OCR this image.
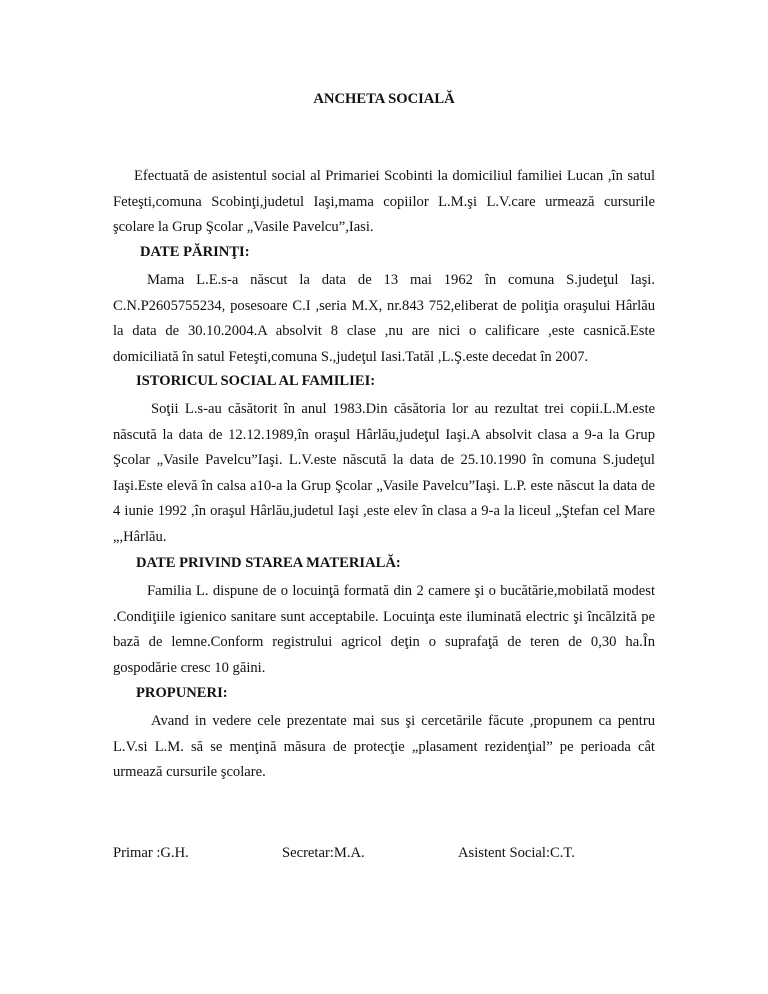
ANCHETA SOCIALĂ
Efectuată de asistentul social al Primariei Scobinti la domiciliul familiei Lucan ,în satul Feteşti,comuna Scobinţi,judetul Iaşi,mama copiilor L.M.şi L.V.care urmează cursurile şcolare la Grup Şcolar „Vasile Pavelcu”,Iasi.
DATE PĂRINŢI:
Mama L.E.s-a născut la data de 13 mai 1962 în comuna S.judeţul Iaşi. C.N.P2605755234, posesoare C.I ,seria M.X, nr.843 752,eliberat de poliţia oraşului Hârlău la data de 30.10.2004.A absolvit 8 clase ,nu are nici o calificare ,este casnică.Este domiciliată în satul Feteşti,comuna S.,judeţul Iasi.Tatăl ,L.Ş.este decedat în 2007.
ISTORICUL SOCIAL AL FAMILIEI:
Soţii L.s-au căsătorit în anul 1983.Din căsătoria lor au rezultat trei copii.L.M.este născută la data de 12.12.1989,în oraşul Hârlău,judeţul Iaşi.A absolvit clasa a 9-a la Grup Şcolar „Vasile Pavelcu”Iaşi. L.V.este născută la data de 25.10.1990 în comuna S.judeţul Iaşi.Este elevă în calsa a10-a la Grup Şcolar „Vasile Pavelcu”Iaşi. L.P. este născut la data de 4 iunie 1992 ,în oraşul Hârlău,judetul Iaşi ,este elev în clasa a 9-a la liceul „Ştefan cel Mare „,Hârlău.
DATE PRIVIND STAREA MATERIALĂ:
Familia L. dispune de o locuinţă formată din 2 camere şi o bucătărie,mobilată modest .Condiţiile igienico sanitare sunt acceptabile. Locuinţa este iluminată electric şi încălzită pe bază de lemne.Conform registrului agricol deţin o suprafaţă de teren de 0,30 ha.În gospodărie cresc 10 găini.
PROPUNERI:
Avand in vedere cele prezentate mai sus şi cercetările făcute ,propunem ca pentru L.V.si L.M. să se menţină măsura de protecţie „plasament rezidenţial” pe perioada cât urmează cursurile şcolare.
Primar :G.H.	Secretar:M.A.	Asistent Social:C.T.
